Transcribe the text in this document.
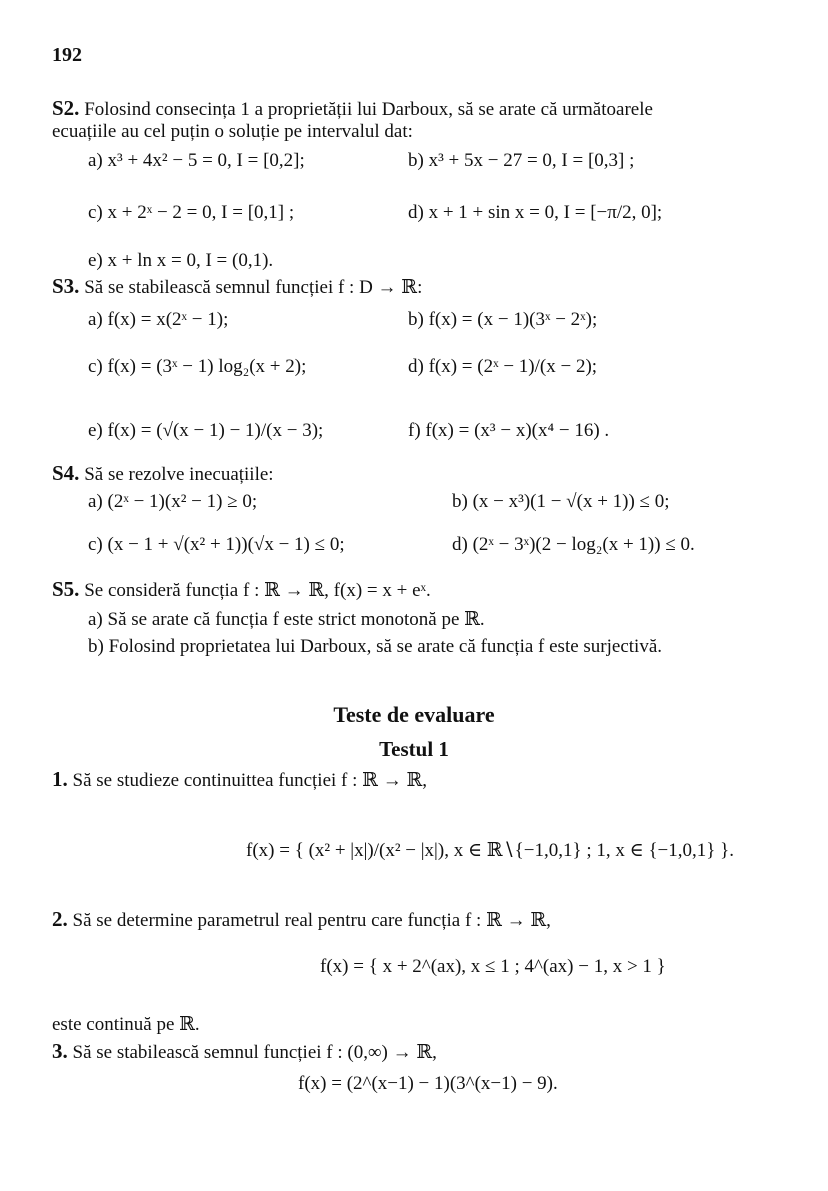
192
S2. Folosind consecința 1 a proprietății lui Darboux, să se arate că următoarele
ecuațiile au cel puțin o soluție pe intervalul dat:
a) x³ + 4x² − 5 = 0, I = [0,2];	b) x³ + 5x − 27 = 0, I = [0,3] ;
c) x + 2ˣ − 2 = 0, I = [0,1] ;	d) x + 1 + sin x = 0, I = [−π/2, 0];
e) x + ln x = 0, I = (0,1).
S3. Să se stabilească semnul funcției f : D → ℝ:
a) f(x) = x(2ˣ − 1);	b) f(x) = (x − 1)(3ˣ − 2ˣ);
c) f(x) = (3ˣ − 1) log₂(x + 2);	d) f(x) = (2ˣ − 1)/(x − 2);
e) f(x) = (√(x − 1) − 1)/(x − 3);	f) f(x) = (x³ − x)(x⁴ − 16) .
S4. Să se rezolve inecuațiile:
a) (2ˣ − 1)(x² − 1) ≥ 0;	b) (x − x³)(1 − √(x + 1)) ≤ 0;
c) (x − 1 + √(x² + 1))(√x − 1) ≤ 0;	d) (2ˣ − 3ˣ)(2 − log₂(x + 1)) ≤ 0.
S5. Se consideră funcția f : ℝ → ℝ, f(x) = x + eˣ.
a) Să se arate că funcția f este strict monotonă pe ℝ.
b) Folosind proprietatea lui Darboux, să se arate că funcția f este surjectivă.
Teste de evaluare
Testul 1
1. Să se studieze continuittea funcției f : ℝ → ℝ,
f(x) = { (x² + |x|)/(x² − |x|), x ∈ ℝ∖{−1,0,1} ; 1, x ∈ {−1,0,1} }.
2. Să se determine parametrul real pentru care funcția f : ℝ → ℝ,
f(x) = { x + 2^(ax), x ≤ 1 ; 4^(ax) − 1, x > 1 }
este continuă pe ℝ.
3. Să se stabilească semnul funcției f : (0,∞) → ℝ,
f(x) = (2^(x−1) − 1)(3^(x−1) − 9).
